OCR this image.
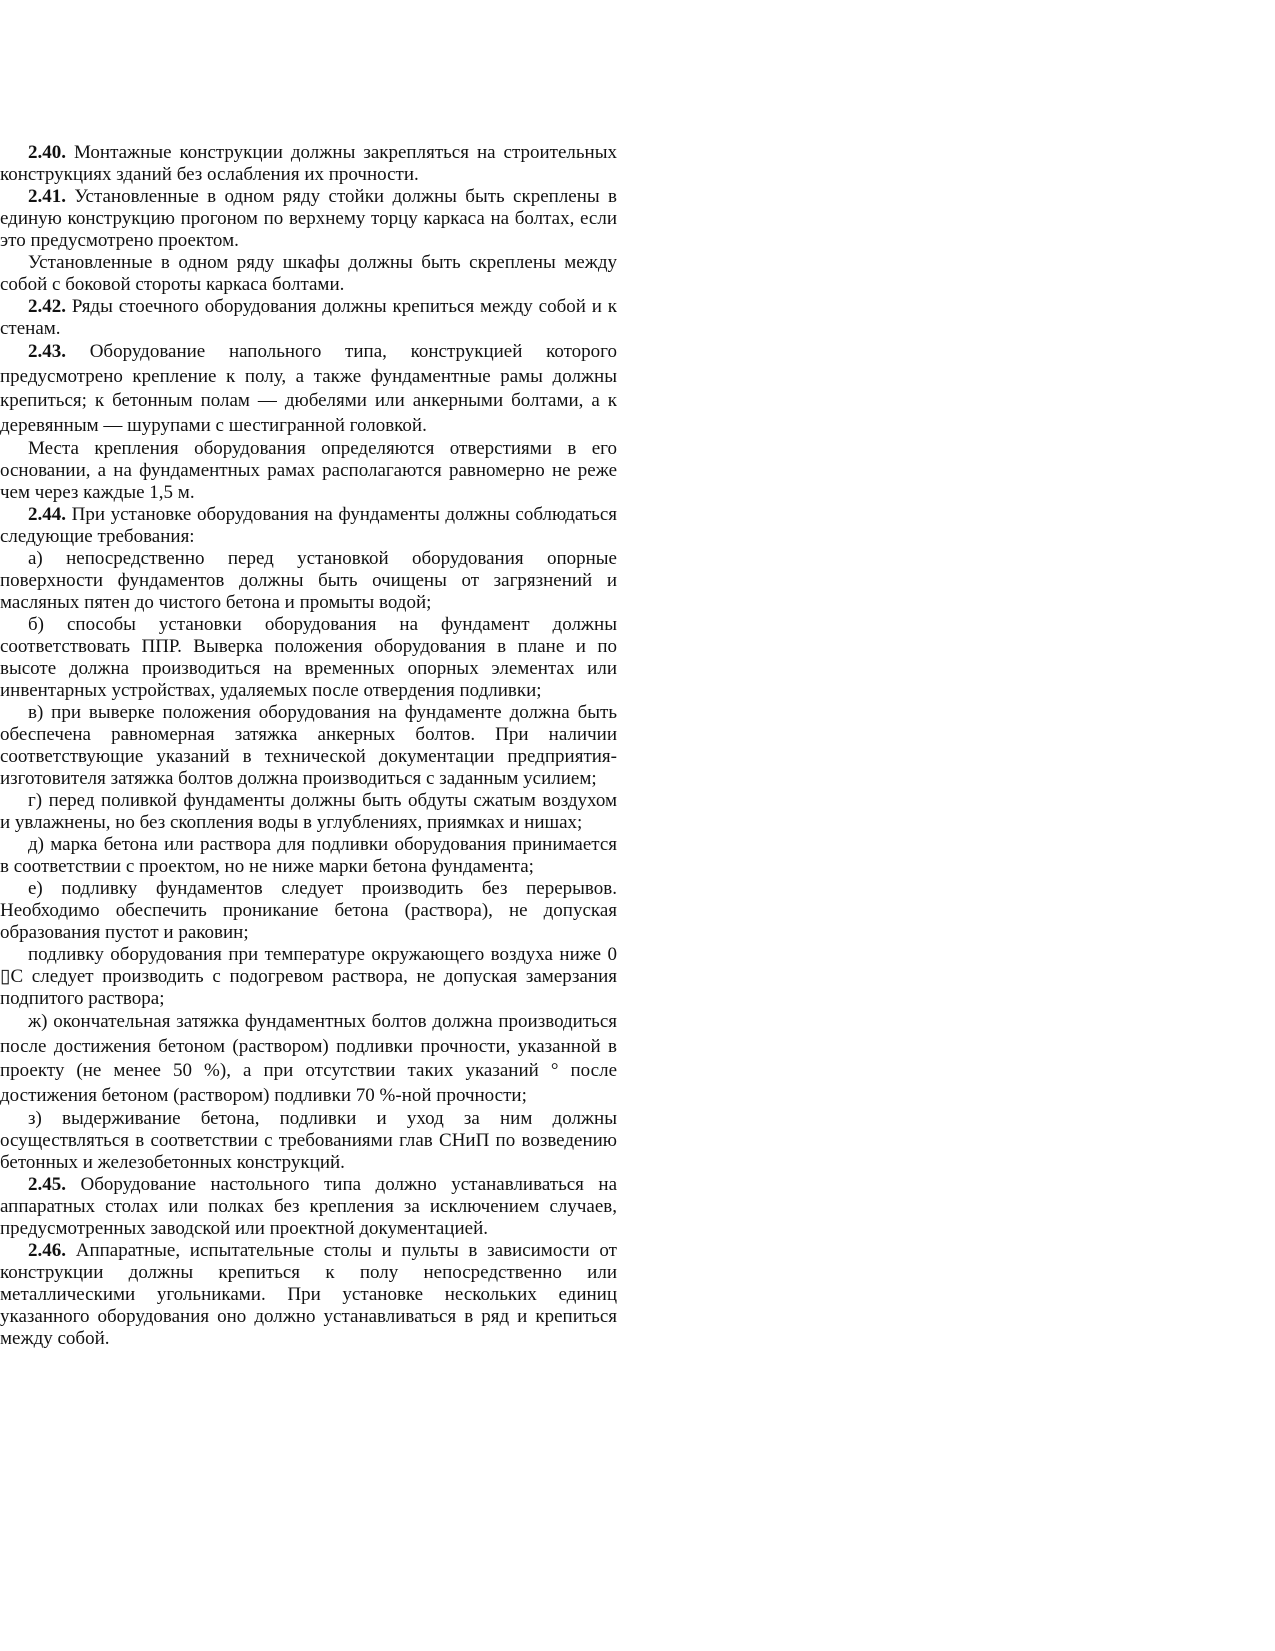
2.40. Монтажные конструкции должны закрепляться на строительных конструкциях зданий без ослабления их прочности.

2.41. Установленные в одном ряду стойки должны быть скреплены в единую конструкцию прогоном по верхнему торцу каркаса на болтах, если это предусмотрено проектом.

Установленные в одном ряду шкафы должны быть скреплены между собой с боковой стороты каркаса болтами.

2.42. Ряды стоечного оборудования должны крепиться между собой и к стенам.

2.43. Оборудование напольного типа, конструкцией которого предусмотрено крепление к полу, а также фундаментные рамы должны крепиться; к бетонным полам — дюбелями или анкерными болтами, а к деревянным — шурупами с шестигранной головкой.

Места крепления оборудования определяются отверстиями в его основании, а на фундаментных рамах располагаются равномерно не реже чем через каждые 1,5 м.

2.44. При установке оборудования на фундаменты должны соблюдаться следующие требования:

а) непосредственно перед установкой оборудования опорные поверхности фундаментов должны быть очищены от загрязнений и масляных пятен до чистого бетона и промыты водой;

б) способы установки оборудования на фундамент должны соответствовать ППР. Выверка положения оборудования в плане и по высоте должна производиться на временных опорных элементах или инвентарных устройствах, удаляемых после отвердения подливки;

в) при выверке положения оборудования на фундаменте должна быть обеспечена равномерная затяжка анкерных болтов. При наличии соответствующие указаний в технической документации предприятия-изготовителя затяжка болтов должна производиться с заданным усилием;

г) перед поливкой фундаменты должны быть обдуты сжатым воздухом и увлажнены, но без скопления воды в углублениях, приямках и нишах;

д) марка бетона или раствора для подливки оборудования принимается в соответствии с проектом, но не ниже марки бетона фундамента;

е) подливку фундаментов следует производить без перерывов. Необходимо обеспечить проникание бетона (раствора), не допуская образования пустот и раковин;

подливку оборудования при температуре окружающего воздуха ниже 0 ▯С следует производить с подогревом раствора, не допуская замерзания подпитого раствора;

ж) окончательная затяжка фундаментных болтов должна производиться после достижения бетоном (раствором) подливки прочности, указанной в проекту (не менее 50 %), а при отсутствии таких указаний ° после достижения бетоном (раствором) подливки 70 %-ной прочности;

з) выдерживание бетона, подливки и уход за ним должны осуществляться в соответствии с требованиями глав СНиП по возведению бетонных и железобетонных конструкций.

2.45. Оборудование настольного типа должно устанавливаться на аппаратных столах или полках без крепления за исключением случаев, предусмотренных заводской или проектной документацией.

2.46. Аппаратные, испытательные столы и пульты в зависимости от конструкции должны крепиться к полу непосредственно или металлическими угольниками. При установке нескольких единиц указанного оборудования оно должно устанавливаться в ряд и крепиться между собой.
